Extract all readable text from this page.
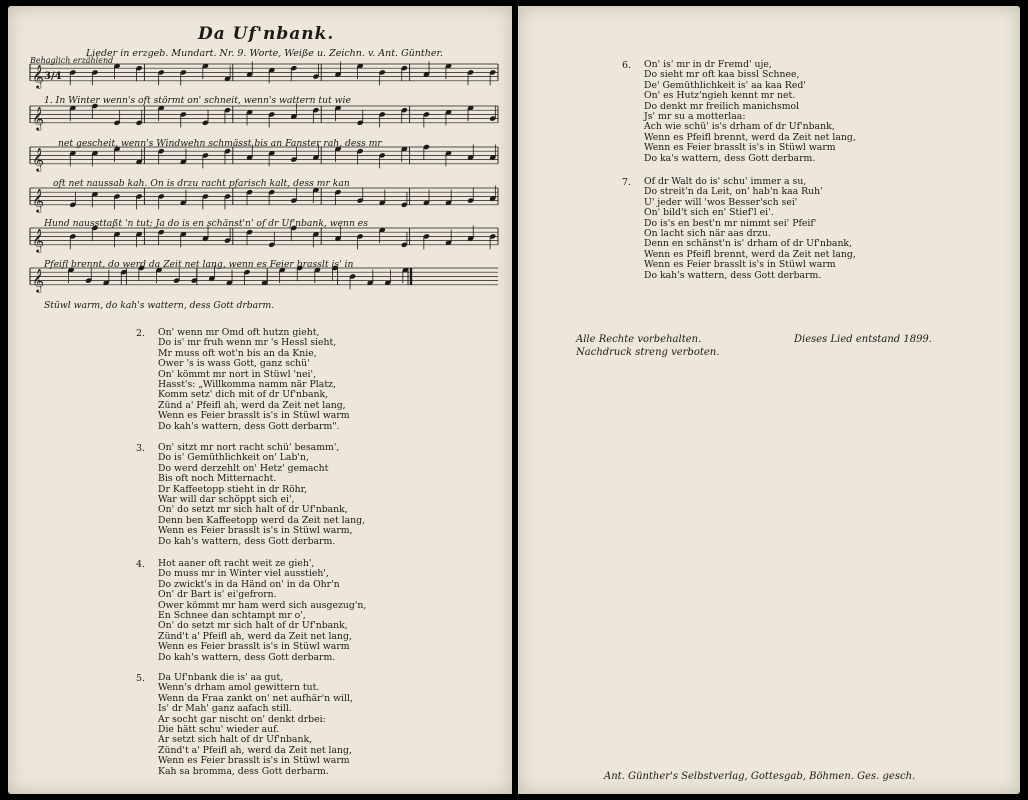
𝄞
𝄞
𝄞
𝄞
𝄞
𝄞
3/4
Da Uf'nbank.
Lieder in erzgeb. Mundart. Nr. 9. Worte, Weiße u. Zeichn. v. Ant. Günther.
Behaglich erzählend
1. In Winter wenn's oft störmt on' schneit, wenn's wattern tut wie
net gescheit, wenn's Windwehn schmässt bis an Fanster rah, dess mr
oft net naussab kah. On is drzu racht pfarisch kalt, dess mr kan
Hund naussttaßt 'n tut; Ja do is en schänst'n' of dr Uf'nbank, wenn es
Pfeifl brennt, do werd da Zeit net lang, wenn es Feier brasslt is' in
Stüwl warm, do kah's wattern, dess Gott drbarm.
2. On' wenn mr Omd oft hutzn gieht,
Do is' mr fruh wenn mr 's Hessl sieht,
Mr muss oft wot'n bis an da Knie,
Ower 's is wass Gott, ganz schü'
On' kömmt mr nort in Stüwl 'nei',
Hasst's: „Willkomma namm när Platz,
Komm setz' dich mit of dr Uf'nbank,
Zünd a' Pfeifl ah, werd da Zeit net lang,
Wenn es Feier brasslt is's in Stüwl warm
Do kah's wattern, dess Gott derbarm".
3. On' sitzt mr nort racht schü' besamm',
Do is' Gemüthlichkeit on' Lab'n,
Do werd derzehlt on' Hetz' gemacht
Bis oft noch Mitternacht.
Dr Kaffeetopp stieht in dr Röhr,
War will dar schöppt sich ei',
On' do setzt mr sich halt of dr Uf'nbank,
Denn ben Kaffeetopp werd da Zeit net lang,
Wenn es Feier brasslt is's in Stüwl warm,
Do kah's wattern, dess Gott derbarm.
4. Hot aaner oft racht weit ze gieh',
Do muss mr in Winter viel ausstieh',
Do zwickt's in da Händ on' in da Ohr'n
On' dr Bart is' ei'gefrorn.
Ower kömmt mr ham werd sich ausgezug'n,
En Schnee dan schtampt mr o',
On' do setzt mr sich halt of dr Uf'nbank,
Zünd't a' Pfeifl ah, werd da Zeit net lang,
Wenn es Feier brasslt is's in Stüwl warm
Do kah's wattern, dess Gott derbarm.
5. Da Uf'nbank die is' aa gut,
Wenn's drham amol gewittern tut.
Wenn da Fraa zankt on' net aufhär'n will,
Is' dr Mah' ganz aafach still.
Ar socht gar nischt on' denkt drbei:
Die hätt schu' wieder auf.
Ar setzt sich halt of dr Uf'nbank,
Zünd't a' Pfeifl ah, werd da Zeit net lang,
Wenn es Feier brasslt is's in Stüwl warm
Kah sa bromma, dess Gott derbarm.
6. On' is' mr in dr Fremd' uje,
Do sieht mr oft kaa bissl Schnee,
De' Gemüthlichkeit is' aa kaa Red'
On' es Hutz'ngieh kennt mr net.
Do denkt mr freilich manichsmol
Js' mr su a motterlaa:
Ach wie schü' is's drham of dr Uf'nbank,
Wenn es Pfeifl brennt, werd da Zeit net lang,
Wenn es Feier brasslt is's in Stüwl warm
Do ka's wattern, dess Gott derbarm.
7. Of dr Walt do is' schu' immer a su,
Do streit'n da Leit, on' hab'n kaa Ruh'
U' jeder will 'wos Besser'sch sei'
On' bild't sich en' Stief'l ei'.
Do is's en best'n mr nimmt sei' Pfeif'
On lacht sich när aas drzu.
Denn en schänst'n is' drham of dr Uf'nbank,
Wenn es Pfeifl brennt, werd da Zeit net lang,
Wenn es Feier brasslt is's in Stüwl warm
Do kah's wattern, dess Gott derbarm.
Alle Rechte vorbehalten.
Nachdruck streng verboten.
Dieses Lied entstand 1899.
Ant. Günther's Selbstverlag, Gottesgab, Böhmen. Ges. gesch.
